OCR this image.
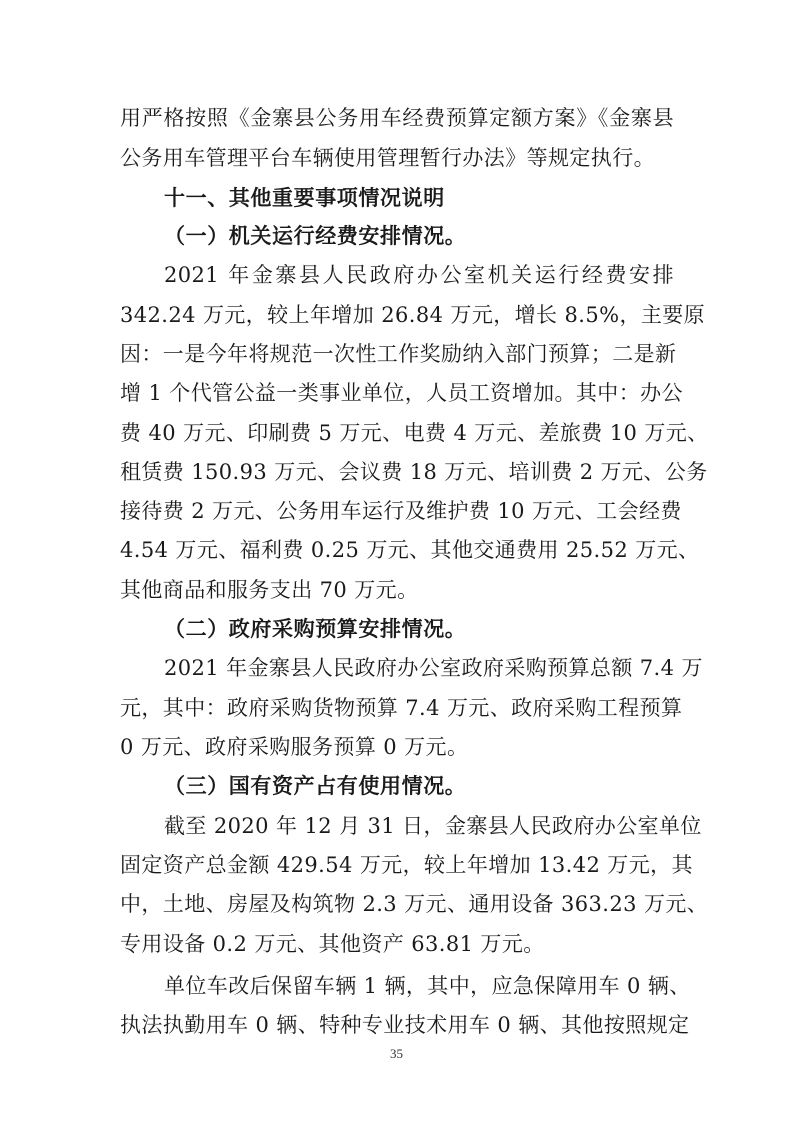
用严格按照《金寨县公务用车经费预算定额方案》《金寨县
公务用车管理平台车辆使用管理暂行办法》等规定执行。
十一、其他重要事项情况说明
（一）机关运行经费安排情况。
2021 年金寨县人民政府办公室机关运行经费安排
342.24 万元，较上年增加 26.84 万元，增长 8.5%，主要原
因：一是今年将规范一次性工作奖励纳入部门预算；二是新
增 1 个代管公益一类事业单位，人员工资增加。其中：办公
费 40 万元、印刷费 5 万元、电费 4 万元、差旅费 10 万元、
租赁费 150.93 万元、会议费 18 万元、培训费 2 万元、公务
接待费 2 万元、公务用车运行及维护费 10 万元、工会经费
4.54 万元、福利费 0.25 万元、其他交通费用 25.52 万元、
其他商品和服务支出 70 万元。
（二）政府采购预算安排情况。
2021 年金寨县人民政府办公室政府采购预算总额 7.4 万
元，其中：政府采购货物预算 7.4 万元、政府采购工程预算
0 万元、政府采购服务预算 0 万元。
（三）国有资产占有使用情况。
截至 2020 年 12 月 31 日，金寨县人民政府办公室单位
固定资产总金额 429.54 万元，较上年增加 13.42 万元，其
中，土地、房屋及构筑物 2.3 万元、通用设备 363.23 万元、
专用设备 0.2 万元、其他资产 63.81 万元。
单位车改后保留车辆 1 辆，其中，应急保障用车 0 辆、
执法执勤用车 0 辆、特种专业技术用车 0 辆、其他按照规定
35
